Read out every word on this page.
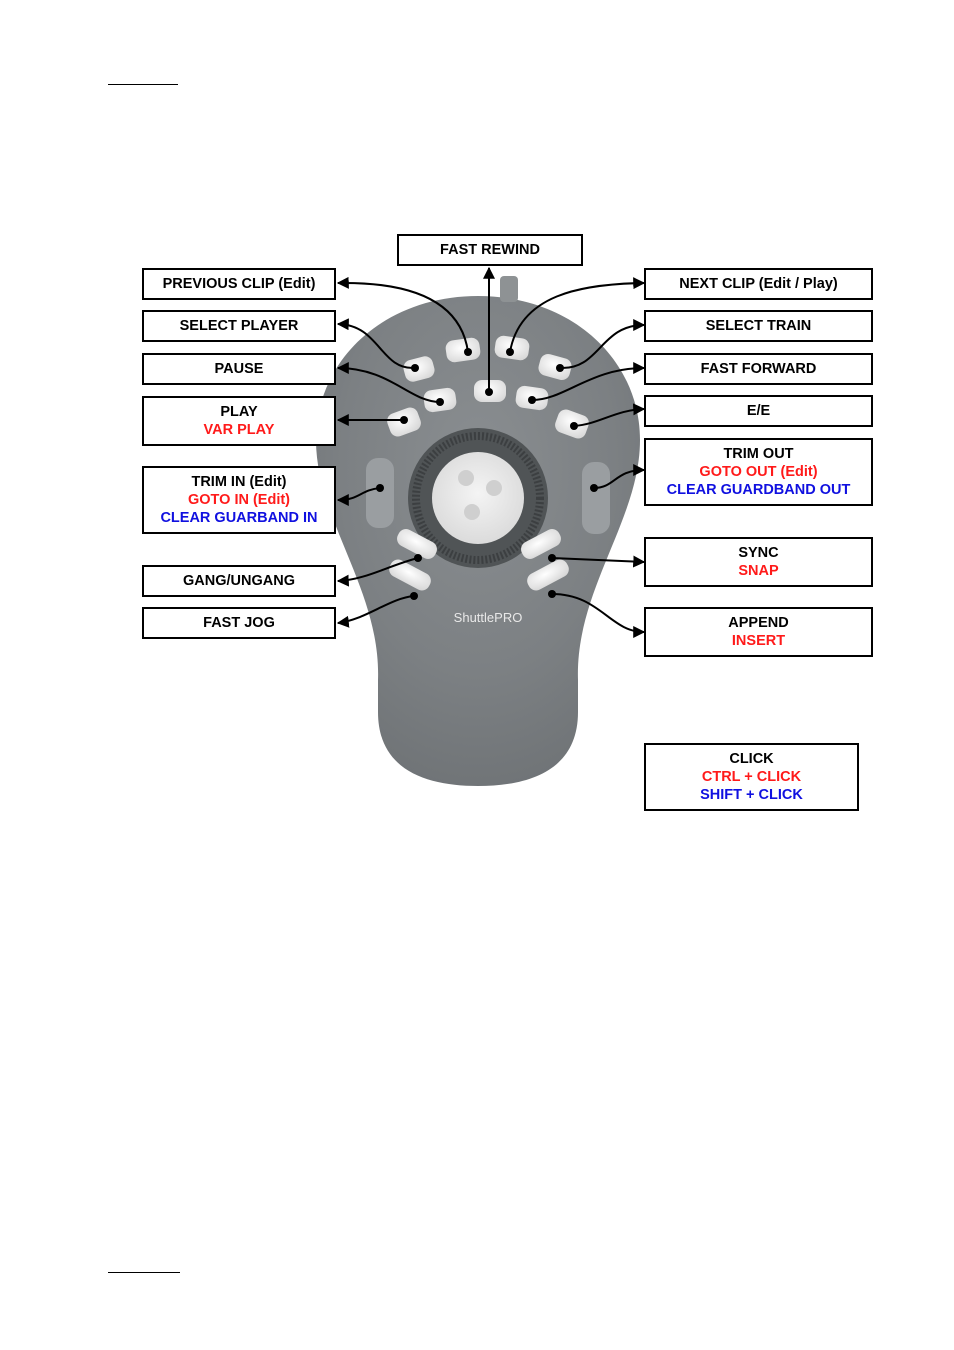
ShuttlePRO
FAST REWIND
PREVIOUS CLIP (Edit)
SELECT PLAYER
PAUSE
PLAY
VAR PLAY
TRIM IN (Edit)
GOTO IN (Edit)
CLEAR GUARBAND IN
GANG/UNGANG
FAST JOG
NEXT CLIP (Edit / Play)
SELECT TRAIN
FAST FORWARD
E/E
TRIM OUT
GOTO OUT (Edit)
CLEAR GUARDBAND OUT
SYNC
SNAP
APPEND
INSERT
CLICK
CTRL + CLICK
SHIFT + CLICK
